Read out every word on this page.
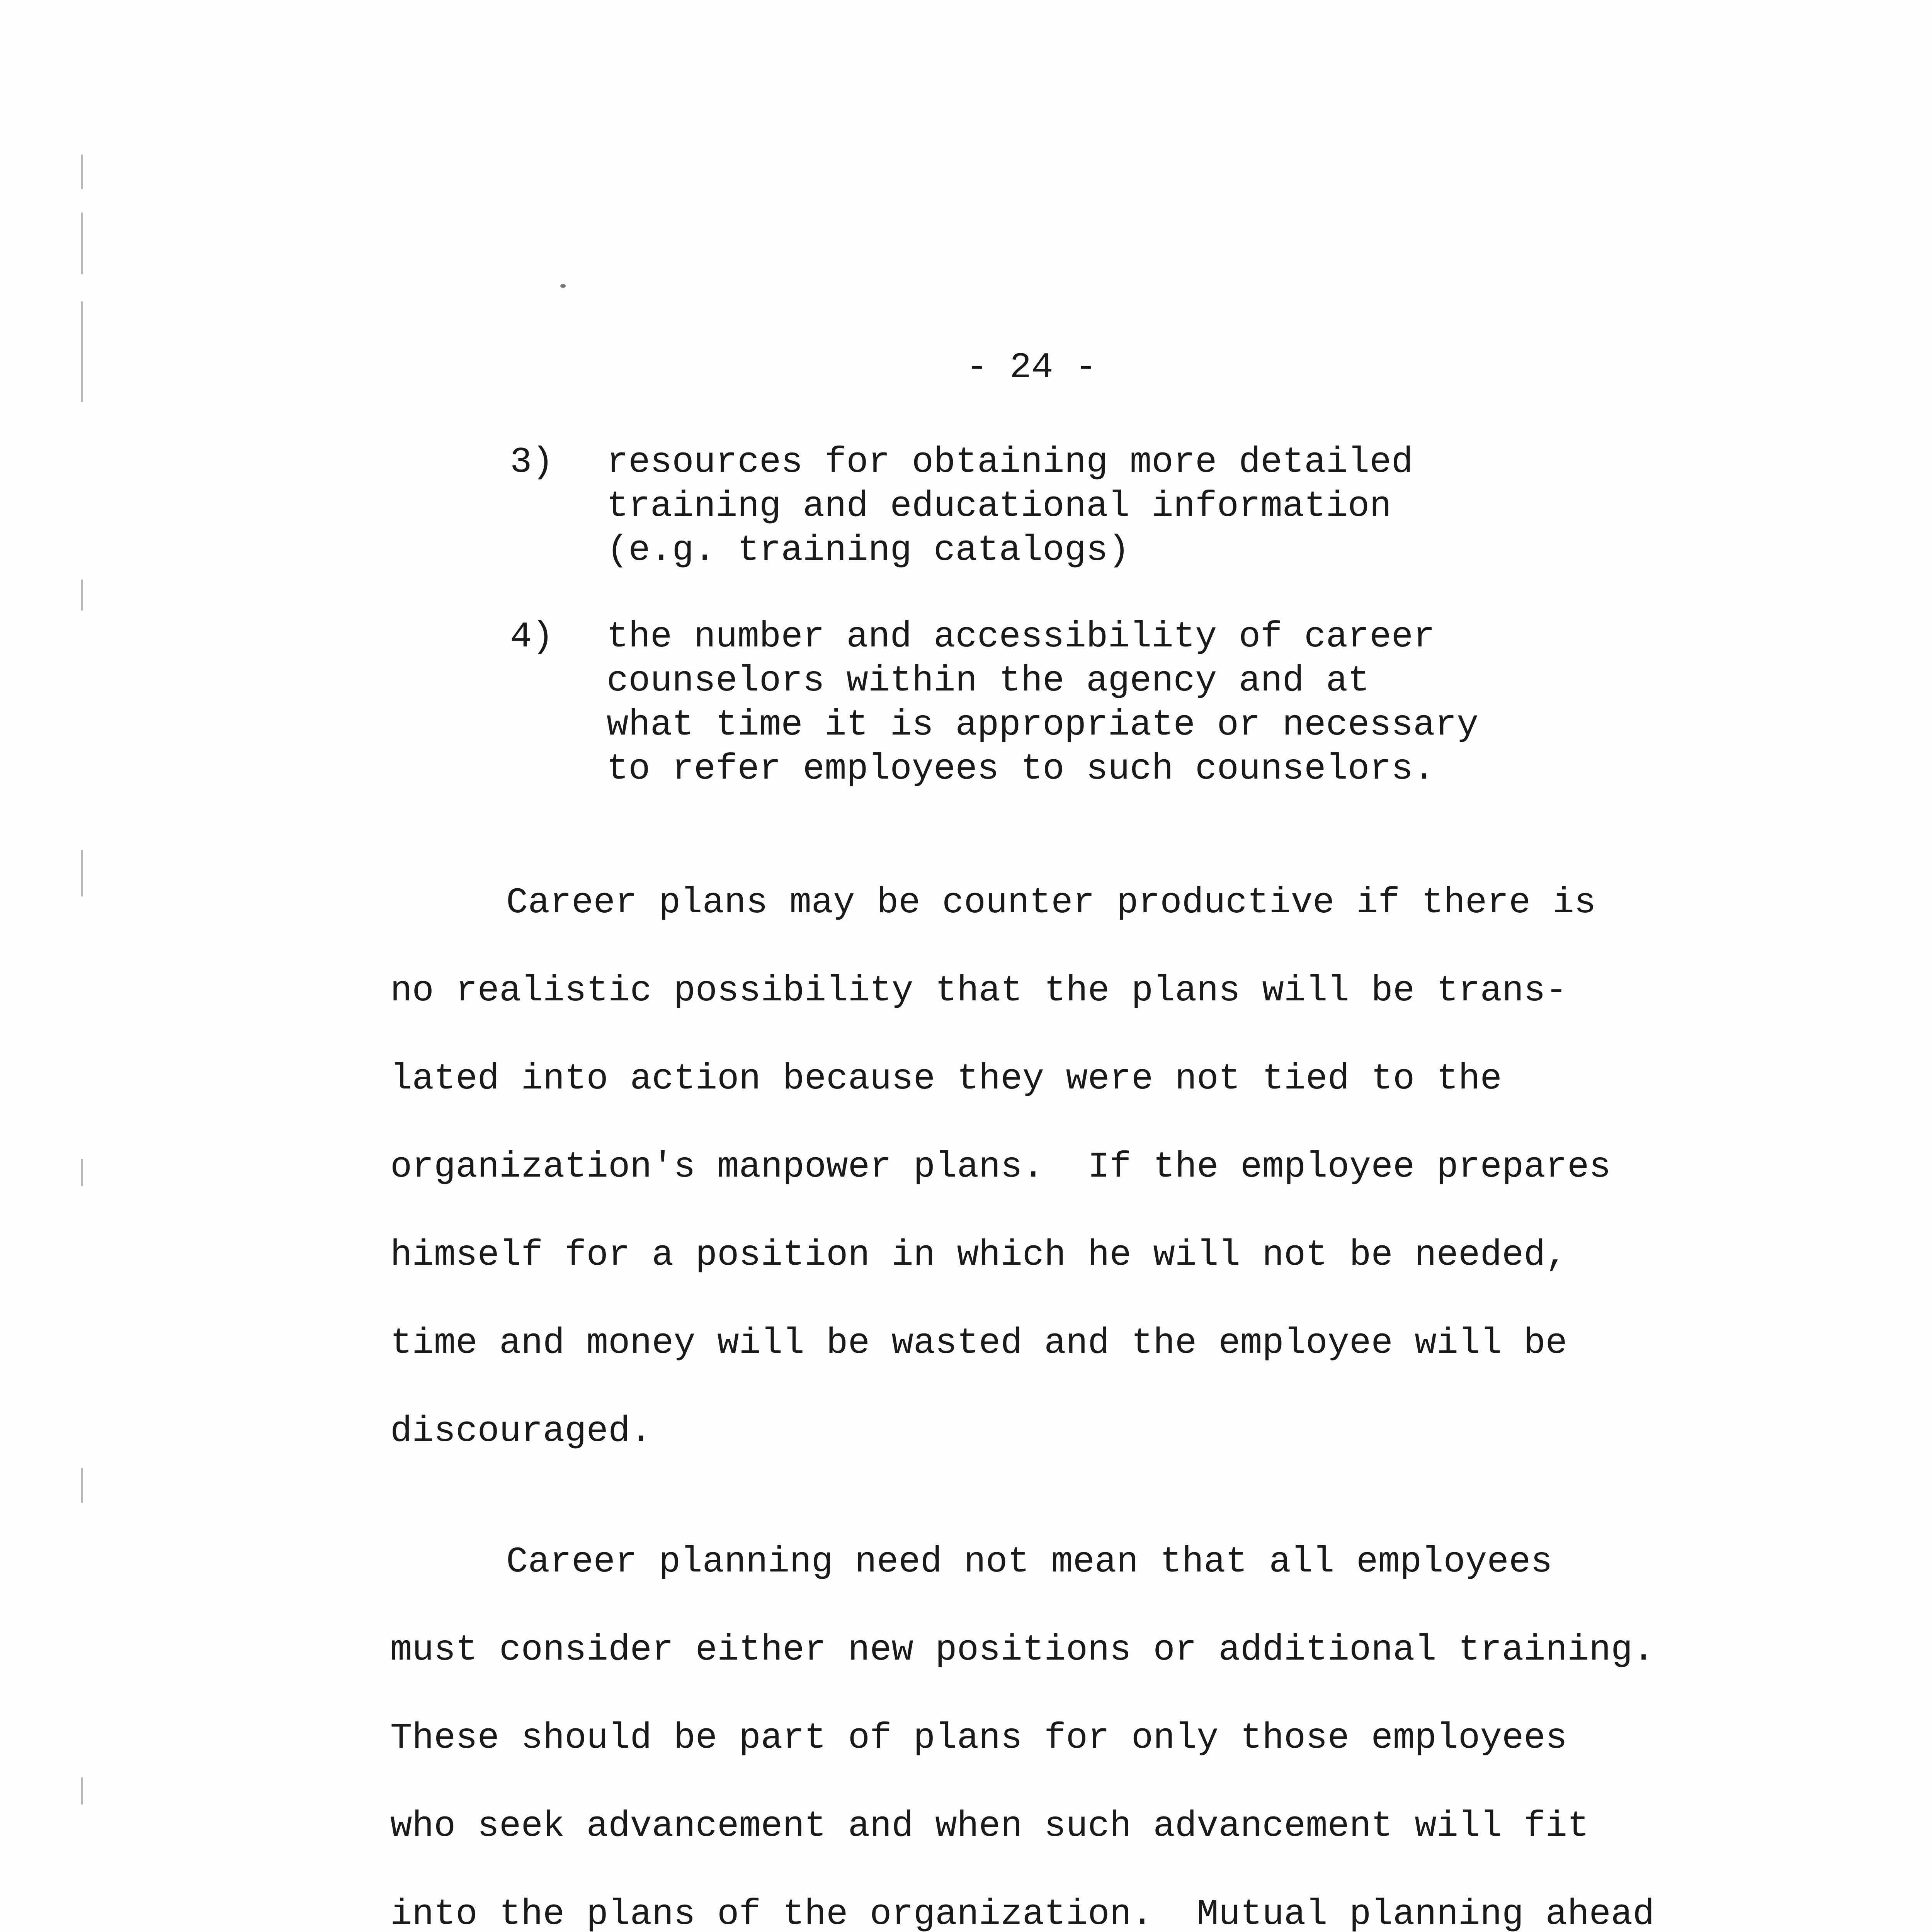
- 24 -
3) resources for obtaining more detailed
training and educational information
(e.g. training catalogs)
4) the number and accessibility of career
counselors within the agency and at
what time it is appropriate or necessary
to refer employees to such counselors.
Career plans may be counter productive if there is
no realistic possibility that the plans will be trans-
lated into action because they were not tied to the
organization's manpower plans.  If the employee prepares
himself for a position in which he will not be needed,
time and money will be wasted and the employee will be
discouraged.
Career planning need not mean that all employees
must consider either new positions or additional training.
These should be part of plans for only those employees
who seek advancement and when such advancement will fit
into the plans of the organization.  Mutual planning ahead
